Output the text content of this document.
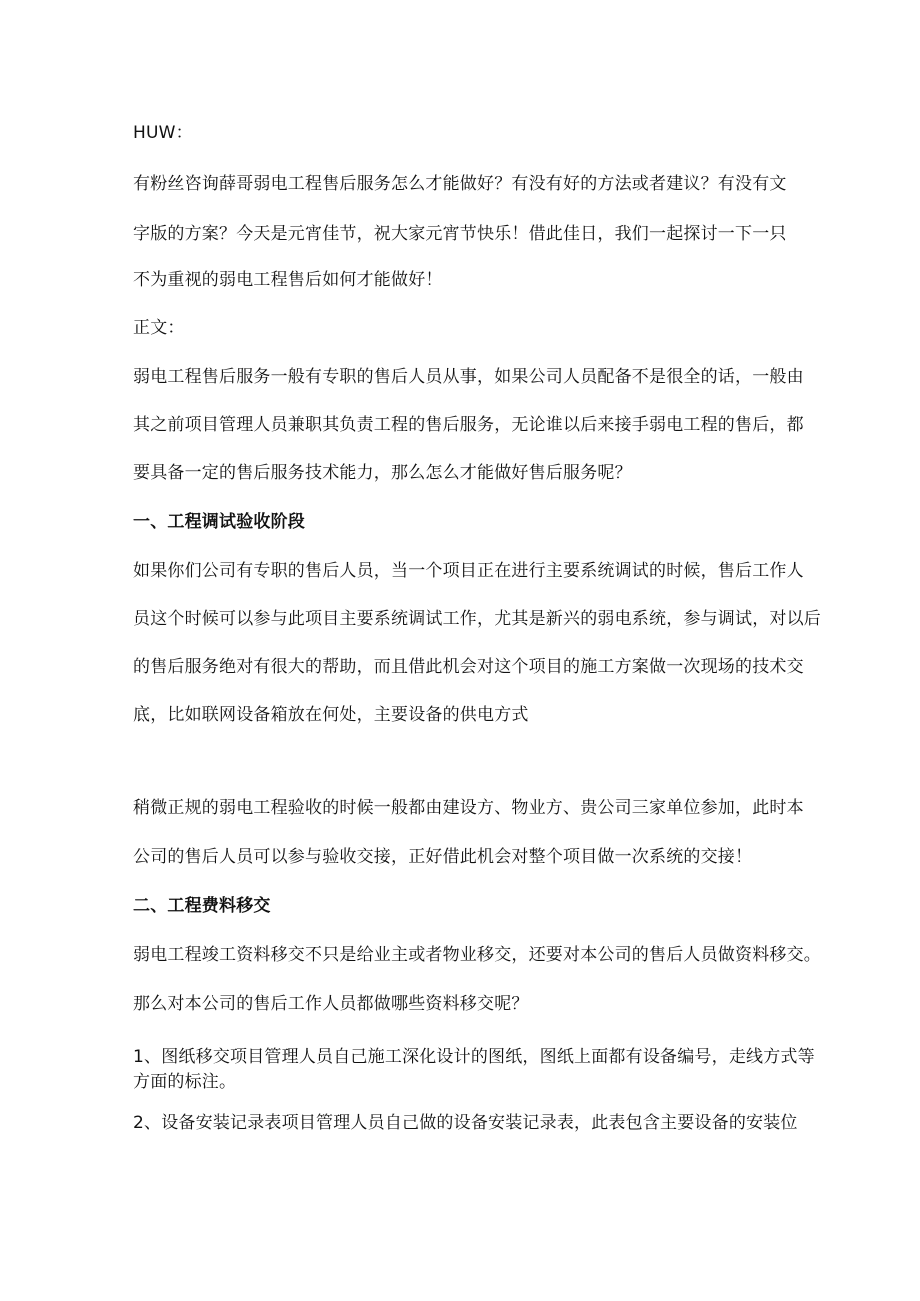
HUW：
有粉丝咨询薛哥弱电工程售后服务怎么才能做好？有没有好的方法或者建议？有没有文
字版的方案？今天是元宵佳节，祝大家元宵节快乐！借此佳日，我们一起探讨一下一只
不为重视的弱电工程售后如何才能做好！
正文：
弱电工程售后服务一般有专职的售后人员从事，如果公司人员配备不是很全的话，一般由
其之前项目管理人员兼职其负责工程的售后服务，无论谁以后来接手弱电工程的售后，都
要具备一定的售后服务技术能力，那么怎么才能做好售后服务呢？
一、工程调试验收阶段
如果你们公司有专职的售后人员，当一个项目正在进行主要系统调试的时候，售后工作人
员这个时候可以参与此项目主要系统调试工作，尤其是新兴的弱电系统，参与调试，对以后
的售后服务绝对有很大的帮助，而且借此机会对这个项目的施工方案做一次现场的技术交
底，比如联网设备箱放在何处，主要设备的供电方式
稍微正规的弱电工程验收的时候一般都由建设方、物业方、贵公司三家单位参加，此时本
公司的售后人员可以参与验收交接，正好借此机会对整个项目做一次系统的交接！
二、工程费料移交
弱电工程竣工资料移交不只是给业主或者物业移交，还要对本公司的售后人员做资料移交。
那么对本公司的售后工作人员都做哪些资料移交呢？
1、图纸移交项目管理人员自己施工深化设计的图纸，图纸上面都有设备编号，走线方式等
方面的标注。
2、设备安装记录表项目管理人员自己做的设备安装记录表，此表包含主要设备的安装位
